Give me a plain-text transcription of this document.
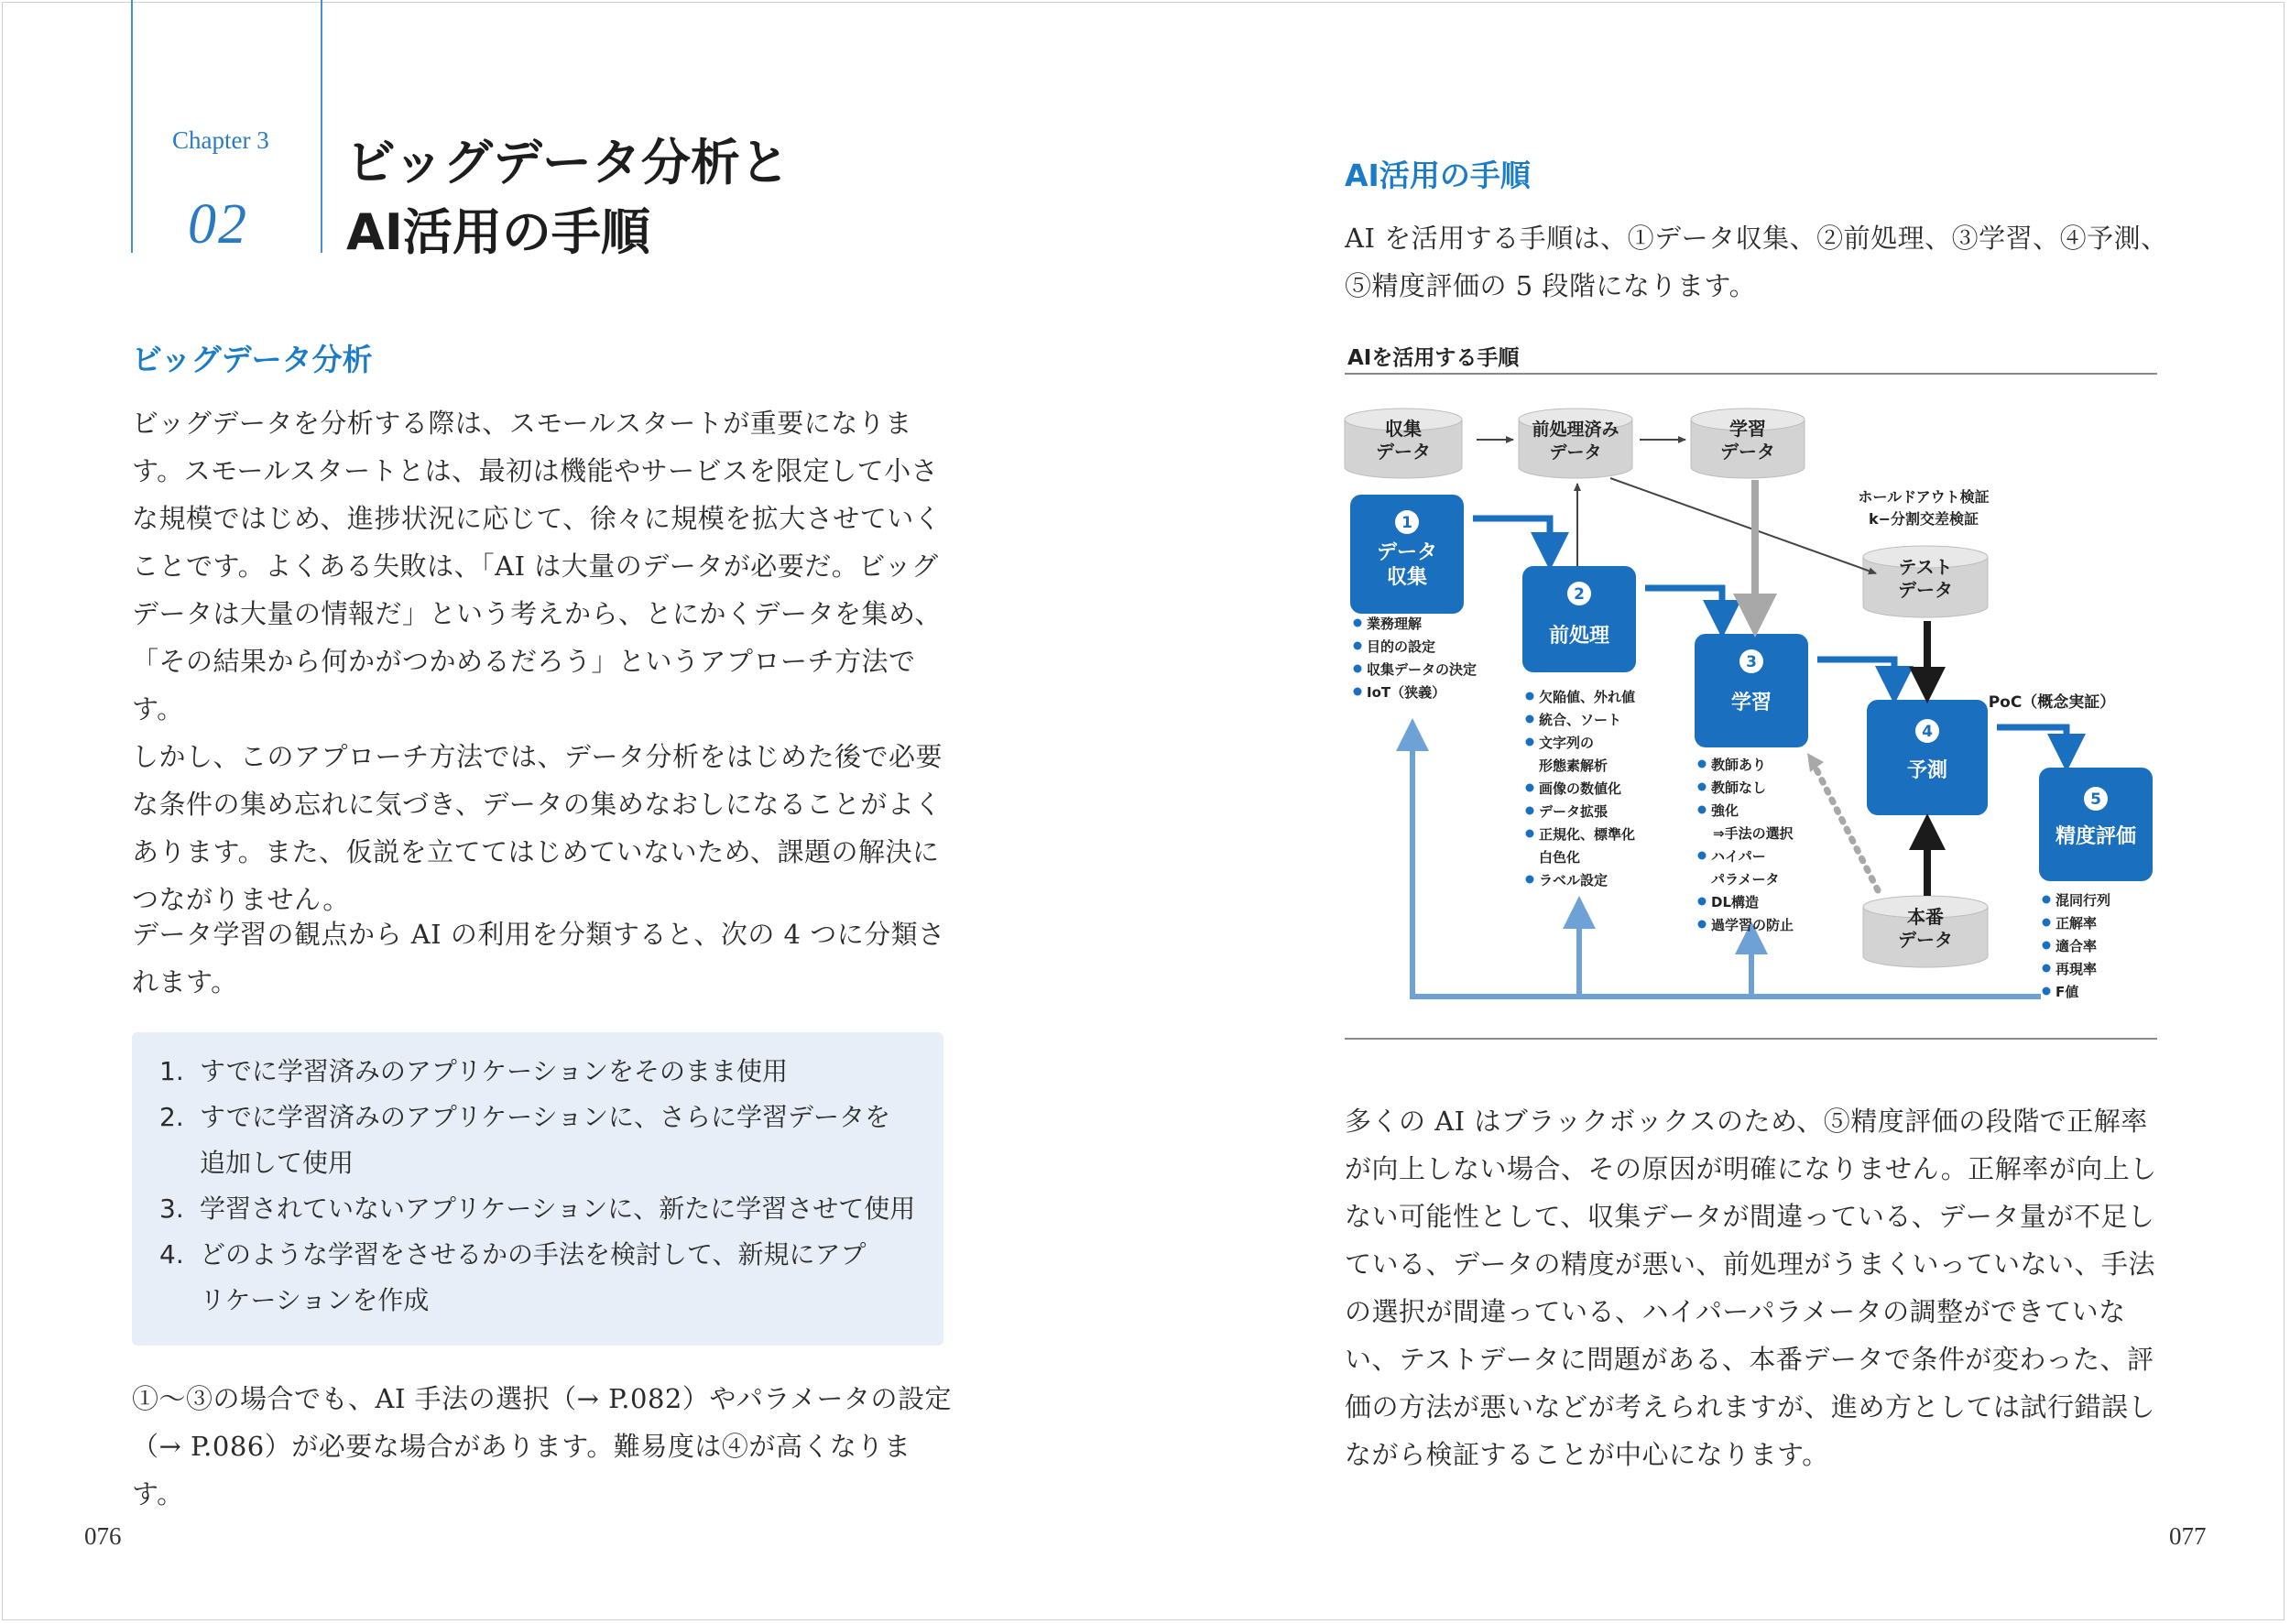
Chapter 3
02
ビッグデータ分析と
AI活用の手順
ビッグデータ分析
ビッグデータを分析する際は、スモールスタートが重要になりま
す。スモールスタートとは、最初は機能やサービスを限定して小さ
な規模ではじめ、進捗状況に応じて、徐々に規模を拡大させていく
ことです。よくある失敗は、「AI は大量のデータが必要だ。ビッグ
データは大量の情報だ」という考えから、とにかくデータを集め、
「その結果から何かがつかめるだろう」というアプローチ方法です。
しかし、このアプローチ方法では、データ分析をはじめた後で必要
な条件の集め忘れに気づき、データの集めなおしになることがよく
あります。また、仮説を立ててはじめていないため、課題の解決に
つながりません。
データ学習の観点から AI の利用を分類すると、次の 4 つに分類さ
れます。
1. すでに学習済みのアプリケーションをそのまま使用
2. すでに学習済みのアプリケーションに、さらに学習データを
追加して使用
3. 学習されていないアプリケーションに、新たに学習させて使用
4. どのような学習をさせるかの手法を検討して、新規にアプ
リケーションを作成
①～③の場合でも、AI 手法の選択（→ P.082）やパラメータの設定
（→ P.086）が必要な場合があります。難易度は④が高くなります。
076
AI活用の手順
AI を活用する手順は、①データ収集、②前処理、③学習、④予測、
⑤精度評価の 5 段階になります。
AIを活用する手順
収集
データ
前処理済み
データ
学習
データ
テスト
データ
本番
データ
ホールドアウト検証
k−分割交差検証
1
データ
収集
2
前処理
3
学習
4
予測
5
精度評価
PoC（概念実証）
業務理解
目的の設定
収集データの決定
IoT（狭義）	欠陥値、外れ値
統合、ソート
文字列の
形態素解析
画像の数値化
データ拡張
正規化、標準化
白色化
ラベル設定
教師あり
教師なし
強化
⇒手法の選択
ハイパー
パラメータ
DL構造
過学習の防止
混同行列
正解率
適合率
再現率
F値
多くの AI はブラックボックスのため、⑤精度評価の段階で正解率
が向上しない場合、その原因が明確になりません。正解率が向上し
ない可能性として、収集データが間違っている、データ量が不足し
ている、データの精度が悪い、前処理がうまくいっていない、手法
の選択が間違っている、ハイパーパラメータの調整ができていな
い、テストデータに問題がある、本番データで条件が変わった、評
価の方法が悪いなどが考えられますが、進め方としては試行錯誤し
ながら検証することが中心になります。
077
